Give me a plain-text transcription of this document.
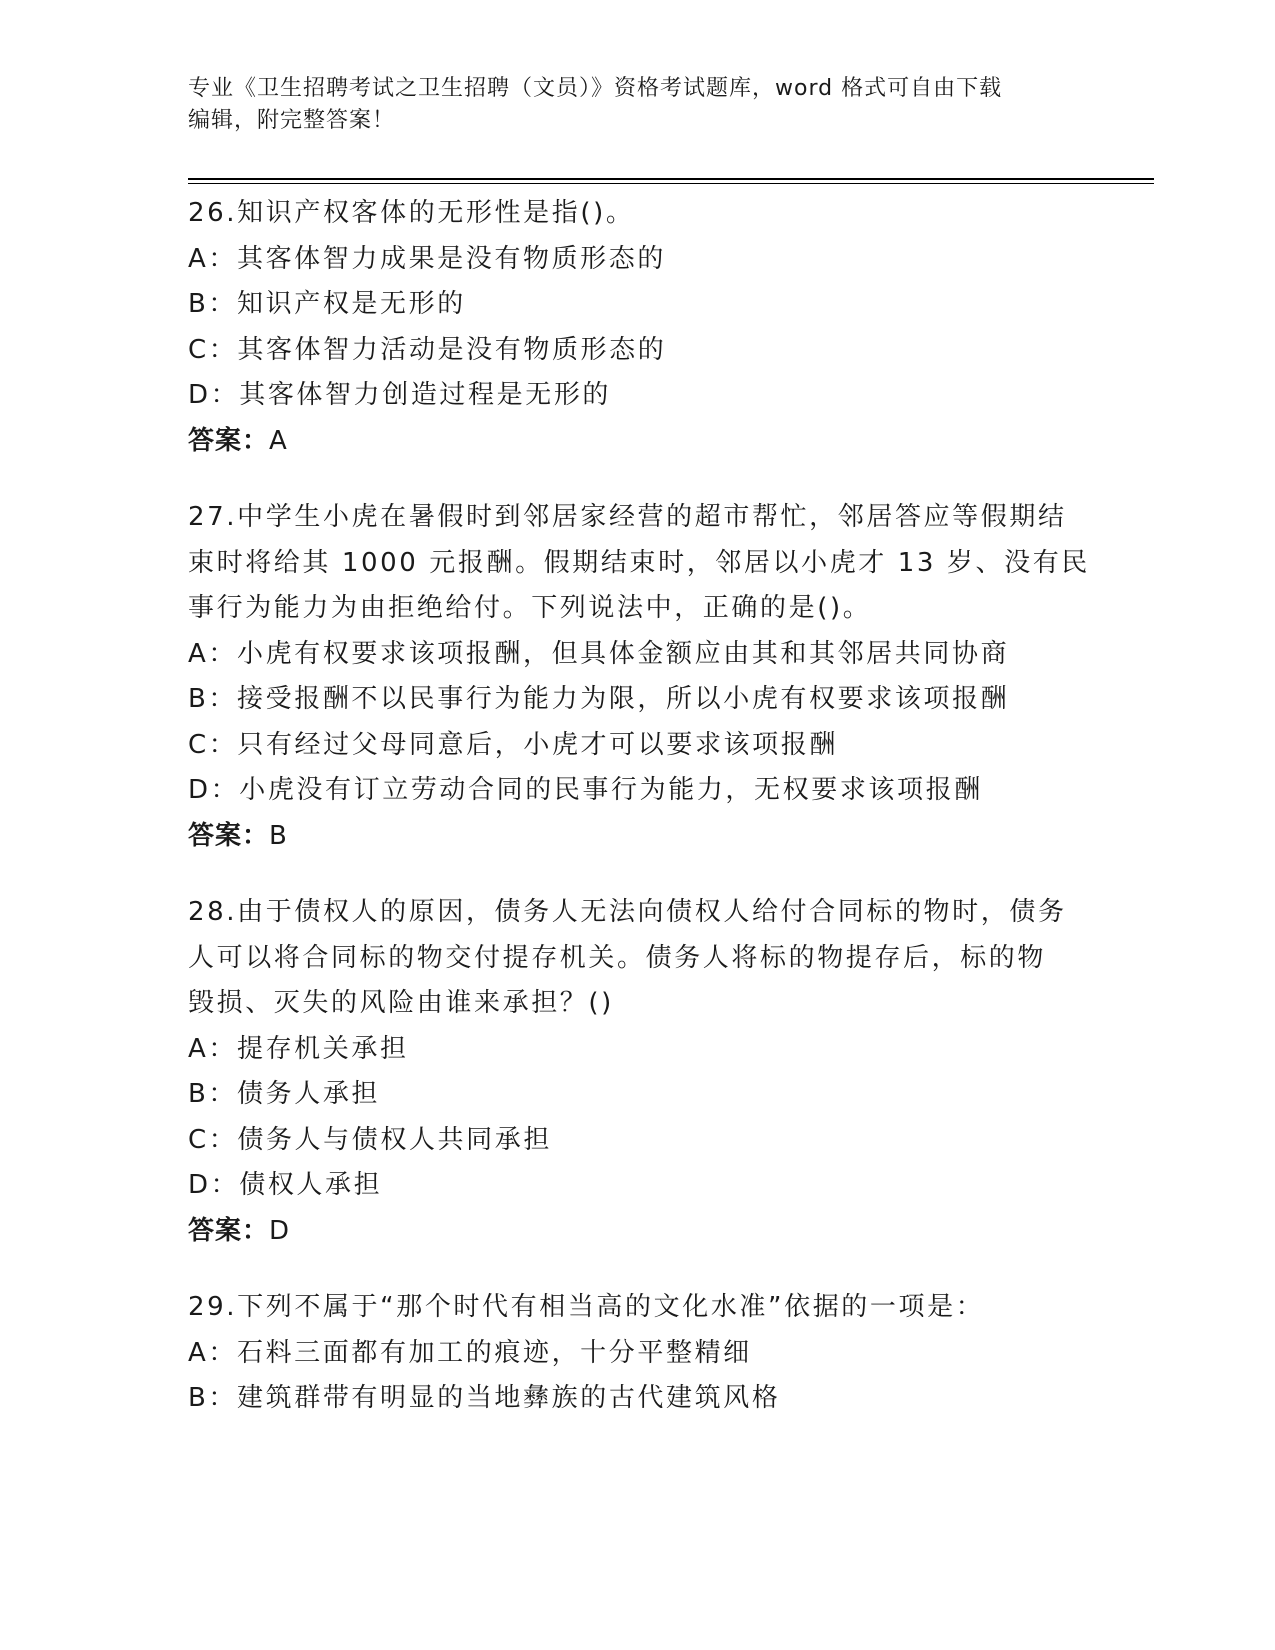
专业《卫生招聘考试之卫生招聘（文员）》资格考试题库，word 格式可自由下载
编辑，附完整答案！
26.知识产权客体的无形性是指()。
A：其客体智力成果是没有物质形态的
B：知识产权是无形的
C：其客体智力活动是没有物质形态的
D：其客体智力创造过程是无形的
答案：A
27.中学生小虎在暑假时到邻居家经营的超市帮忙，邻居答应等假期结
束时将给其 1000 元报酬。假期结束时，邻居以小虎才 13 岁、没有民
事行为能力为由拒绝给付。下列说法中，正确的是()。
A：小虎有权要求该项报酬，但具体金额应由其和其邻居共同协商
B：接受报酬不以民事行为能力为限，所以小虎有权要求该项报酬
C：只有经过父母同意后，小虎才可以要求该项报酬
D：小虎没有订立劳动合同的民事行为能力，无权要求该项报酬
答案：B
28.由于债权人的原因，债务人无法向债权人给付合同标的物时，债务
人可以将合同标的物交付提存机关。债务人将标的物提存后，标的物
毁损、灭失的风险由谁来承担？()
A：提存机关承担
B：债务人承担
C：债务人与债权人共同承担
D：债权人承担
答案：D
29.下列不属于“那个时代有相当高的文化水准”依据的一项是：
A：石料三面都有加工的痕迹，十分平整精细
B：建筑群带有明显的当地彝族的古代建筑风格
